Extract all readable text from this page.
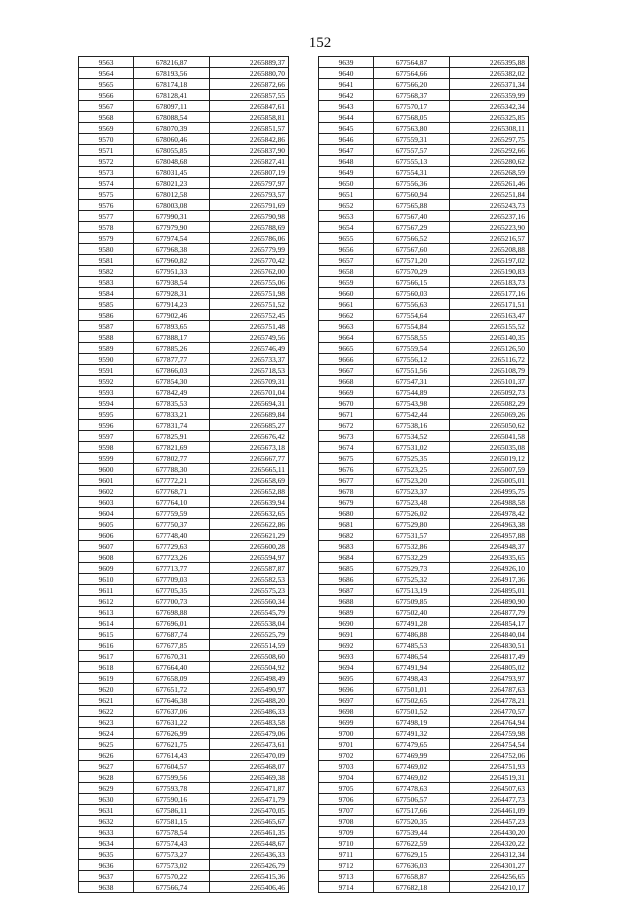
152
9563	678216,87	2265889,37
9564	678193,56	2265880,70
9565	678174,18	2265872,66
9566	678128,41	2265857,55
9567	678097,11	2265847,61
9568	678088,54	2265858,81
9569	678070,39	2265851,57
9570	678060,46	2265842,86
9571	678055,85	2265837,90
9572	678048,68	2265827,41
9573	678031,45	2265807,19
9574	678021,23	2265797,97
9575	678012,58	2265793,57
9576	678003,08	2265791,69
9577	677990,31	2265790,98
9578	677979,90	2265788,69
9579	677974,54	2265786,06
9580	677968,38	2265779,99
9581	677960,82	2265770,42
9582	677951,33	2265762,00
9583	677938,54	2265755,06
9584	677928,31	2265751,98
9585	677914,23	2265751,52
9586	677902,46	2265752,45
9587	677893,65	2265751,48
9588	677888,17	2265749,56
9589	677885,26	2265746,49
9590	677877,77	2265733,37
9591	677866,03	2265718,53
9592	677854,30	2265709,31
9593	677842,49	2265701,04
9594	677835,53	2265694,31
9595	677833,21	2265689,84
9596	677831,74	2265685,27
9597	677825,91	2265676,42
9598	677821,69	2265673,18
9599	677802,77	2265667,77
9600	677788,30	2265665,11
9601	677772,21	2265658,69
9602	677768,71	2265652,88
9603	677764,10	2265639,94
9604	677759,59	2265632,65
9605	677750,37	2265622,86
9606	677748,40	2265621,29
9607	677729,63	2265600,28
9608	677723,26	2265594,97
9609	677713,77	2265587,87
9610	677709,03	2265582,53
9611	677705,35	2265575,23
9612	677700,73	2265560,34
9613	677698,88	2265545,79
9614	677696,01	2265538,04
9615	677687,74	2265525,79
9616	677677,85	2265514,59
9617	677670,31	2265508,60
9618	677664,40	2265504,92
9619	677658,09	2265498,49
9620	677651,72	2265490,97
9621	677646,38	2265488,20
9622	677637,06	2265486,33
9623	677631,22	2265483,58
9624	677626,99	2265479,06
9625	677621,75	2265473,61
9626	677614,43	2265470,09
9627	677604,57	2265468,07
9628	677599,56	2265469,38
9629	677593,78	2265471,87
9630	677590,16	2265471,79
9631	677586,11	2265470,05
9632	677581,15	2265465,67
9633	677578,54	2265461,35
9634	677574,43	2265448,67
9635	677573,27	2265436,33
9636	677573,02	2265426,79
9637	677570,22	2265415,36
9638	677566,74	2265406,46
9639	677564,87	2265395,88
9640	677564,66	2265382,02
9641	677566,20	2265371,34
9642	677568,37	2265359,99
9643	677570,17	2265342,34
9644	677568,05	2265325,85
9645	677563,80	2265308,11
9646	677559,31	2265297,75
9647	677557,57	2265292,66
9648	677555,13	2265280,62
9649	677554,31	2265268,59
9650	677556,36	2265261,46
9651	677560,94	2265251,84
9652	677565,88	2265243,73
9653	677567,40	2265237,16
9654	677567,29	2265223,90
9655	677566,52	2265216,57
9656	677567,60	2265208,88
9657	677571,20	2265197,02
9658	677570,29	2265190,83
9659	677566,15	2265183,73
9660	677560,03	2265177,16
9661	677556,63	2265171,51
9662	677554,64	2265163,47
9663	677554,84	2265155,52
9664	677558,55	2265140,35
9665	677559,54	2265126,50
9666	677556,12	2265116,72
9667	677551,56	2265108,79
9668	677547,31	2265101,37
9669	677544,89	2265092,73
9670	677543,98	2265082,29
9671	677542,44	2265069,26
9672	677538,16	2265050,62
9673	677534,52	2265041,58
9674	677531,02	2265035,08
9675	677525,35	2265019,12
9676	677523,25	2265007,59
9677	677523,20	2265005,01
9678	677523,37	2264995,75
9679	677523,48	2264988,58
9680	677526,02	2264978,42
9681	677529,80	2264963,38
9682	677531,57	2264957,88
9683	677532,86	2264948,37
9684	677532,29	2264935,65
9685	677529,73	2264926,10
9686	677525,32	2264917,36
9687	677513,19	2264895,01
9688	677509,85	2264890,90
9689	677502,40	2264877,79
9690	677491,28	2264854,17
9691	677486,88	2264840,04
9692	677485,53	2264830,51
9693	677486,54	2264817,49
9694	677491,94	2264805,02
9695	677498,43	2264793,97
9696	677501,01	2264787,63
9697	677502,65	2264778,21
9698	677501,52	2264770,57
9699	677498,19	2264764,94
9700	677491,32	2264759,98
9701	677479,65	2264754,54
9702	677469,99	2264752,06
9703	677469,02	2264751,93
9704	677469,02	2264519,31
9705	677478,63	2264507,63
9706	677506,57	2264477,73
9707	677517,66	2264461,09
9708	677520,35	2264457,23
9709	677539,44	2264430,20
9710	677622,59	2264320,22
9711	677629,15	2264312,34
9712	677636,03	2264301,27
9713	677658,87	2264256,65
9714	677682,18	2264210,17
